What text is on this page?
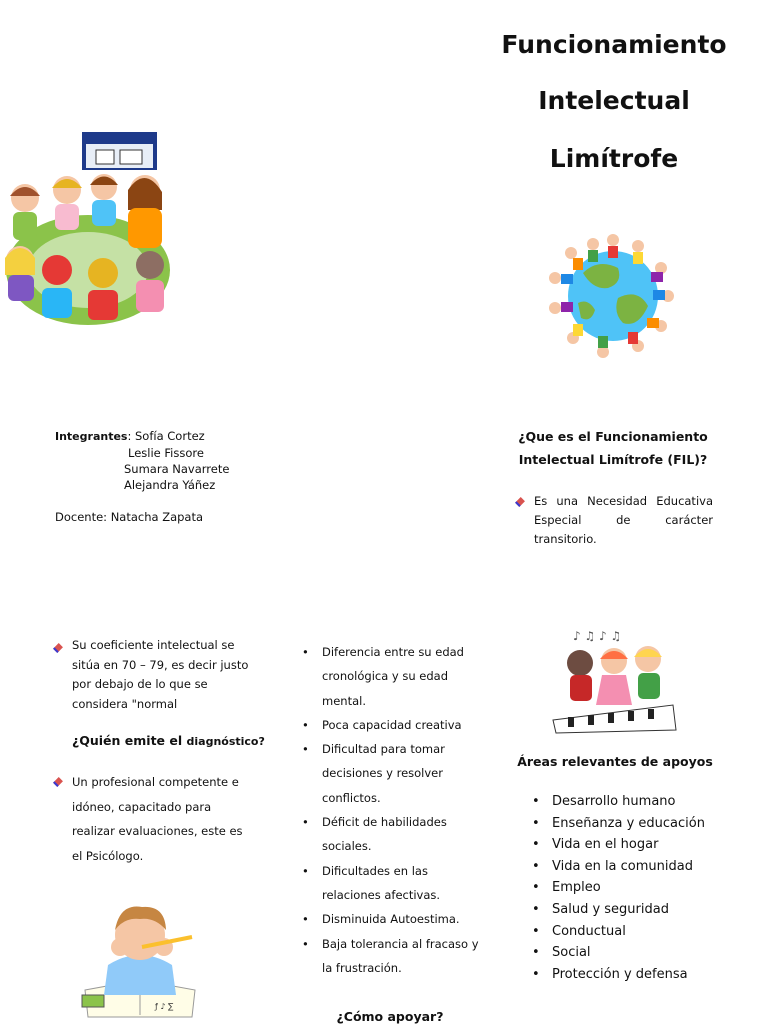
Funcionamiento
Intelectual
Limítrofe
Integrantes: Sofía Cortez
Leslie Fissore
Sumara Navarrete
Alejandra Yáñez
Docente: Natacha Zapata
¿Que es el Funcionamiento
Intelectual Limítrofe (FIL)?
Es una Necesidad Educativa Especial de carácter transitorio.
Su coeficiente intelectual se sitúa en 70 – 79, es decir justo por debajo de lo que se considera "normal
¿Quién emite el diagnóstico?
Un profesional competente e idóneo, capacitado para realizar evaluaciones, este es el Psicólogo.
ƒ ♪ ∑
• Diferencia entre su edad cronológica y su edad mental.
• Poca capacidad creativa
• Dificultad para tomar decisiones y resolver conflictos.
• Déficit de habilidades sociales.
• Dificultades en las relaciones afectivas.
• Disminuida Autoestima.
• Baja tolerancia al fracaso y la frustración.
¿Cómo apoyar?
♪ ♫ ♪ ♫
Áreas relevantes de apoyos
• Desarrollo humano
• Enseñanza y educación
• Vida en el hogar
• Vida en la comunidad
• Empleo
• Salud y seguridad
• Conductual
• Social
• Protección y defensa
